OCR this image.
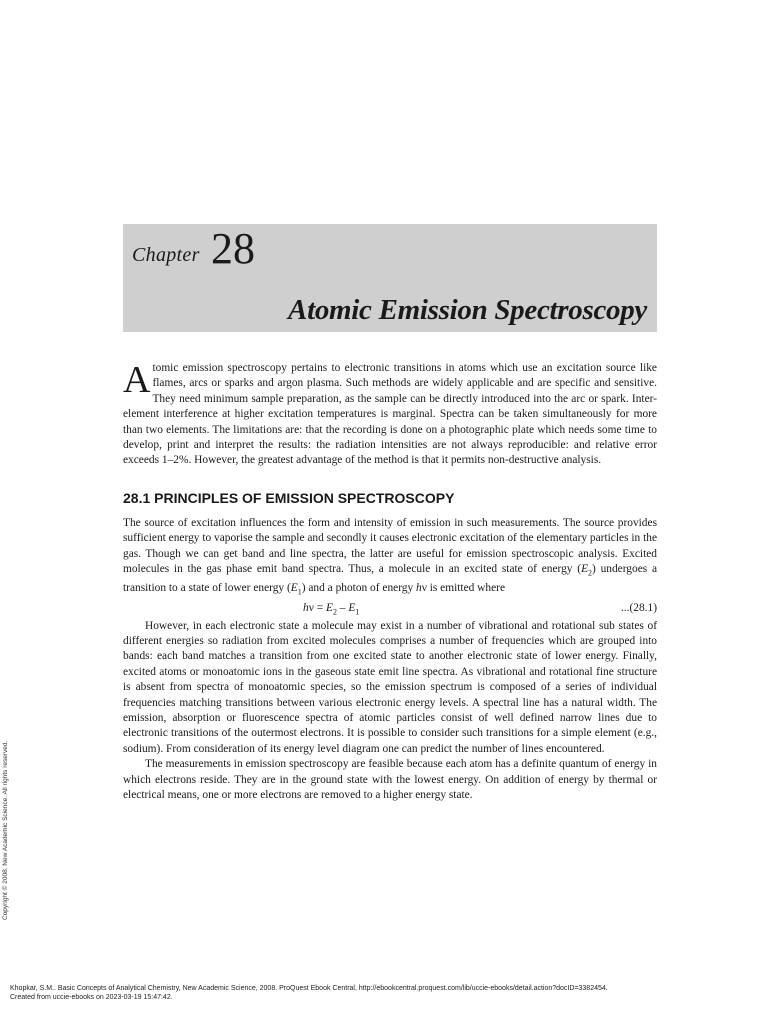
Chapter 28
Atomic Emission Spectroscopy

Atomic emission spectroscopy pertains to electronic transitions in atoms which use an excitation source like flames, arcs or sparks and argon plasma. Such methods are widely applicable and are specific and sensitive. They need minimum sample preparation, as the sample can be directly introduced into the arc or spark. Inter-element interference at higher excitation temperatures is marginal. Spectra can be taken simultaneously for more than two elements. The limitations are: that the recording is done on a photographic plate which needs some time to develop, print and interpret the results: the radiation intensities are not always reproducible: and relative error exceeds 1–2%. However, the greatest advantage of the method is that it permits non-destructive analysis.

28.1 PRINCIPLES OF EMISSION SPECTROSCOPY

The source of excitation influences the form and intensity of emission in such measurements. The source provides sufficient energy to vaporise the sample and secondly it causes electronic excitation of the elementary particles in the gas. Though we can get band and line spectra, the latter are useful for emission spectroscopic analysis. Excited molecules in the gas phase emit band spectra. Thus, a molecule in an excited state of energy $(E_2)$ undergoes a transition to a state of lower energy $(E_1)$ and a photon of energy hν is emitted where

$h\nu = E_2 - E_1$	...(28.1)

However, in each electronic state a molecule may exist in a number of vibrational and rotational sub states of different energies so radiation from excited molecules comprises a number of frequencies which are grouped into bands: each band matches a transition from one excited state to another electronic state of lower energy. Finally, excited atoms or monoatomic ions in the gaseous state emit line spectra. As vibrational and rotational fine structure is absent from spectra of monoatomic species, so the emission spectrum is composed of a series of individual frequencies matching transitions between various electronic energy levels. A spectral line has a natural width. The emission, absorption or fluorescence spectra of atomic particles consist of well defined narrow lines due to electronic transitions of the outermost electrons. It is possible to consider such transitions for a simple element (e.g., sodium). From consideration of its energy level diagram one can predict the number of lines encountered.

The measurements in emission spectroscopy are feasible because each atom has a definite quantum of energy in which electrons reside. They are in the ground state with the lowest energy. On addition of energy by thermal or electrical means, one or more electrons are removed to a higher energy state.

Copyright © 2008. New Academic Science. All rights reserved.
Khopkar, S.M.. Basic Concepts of Analytical Chemistry, New Academic Science, 2008. ProQuest Ebook Central, http://ebookcentral.proquest.com/lib/uccie-ebooks/detail.action?docID=3382454.
Created from uccie-ebooks on 2023-03-19 15:47:42.
